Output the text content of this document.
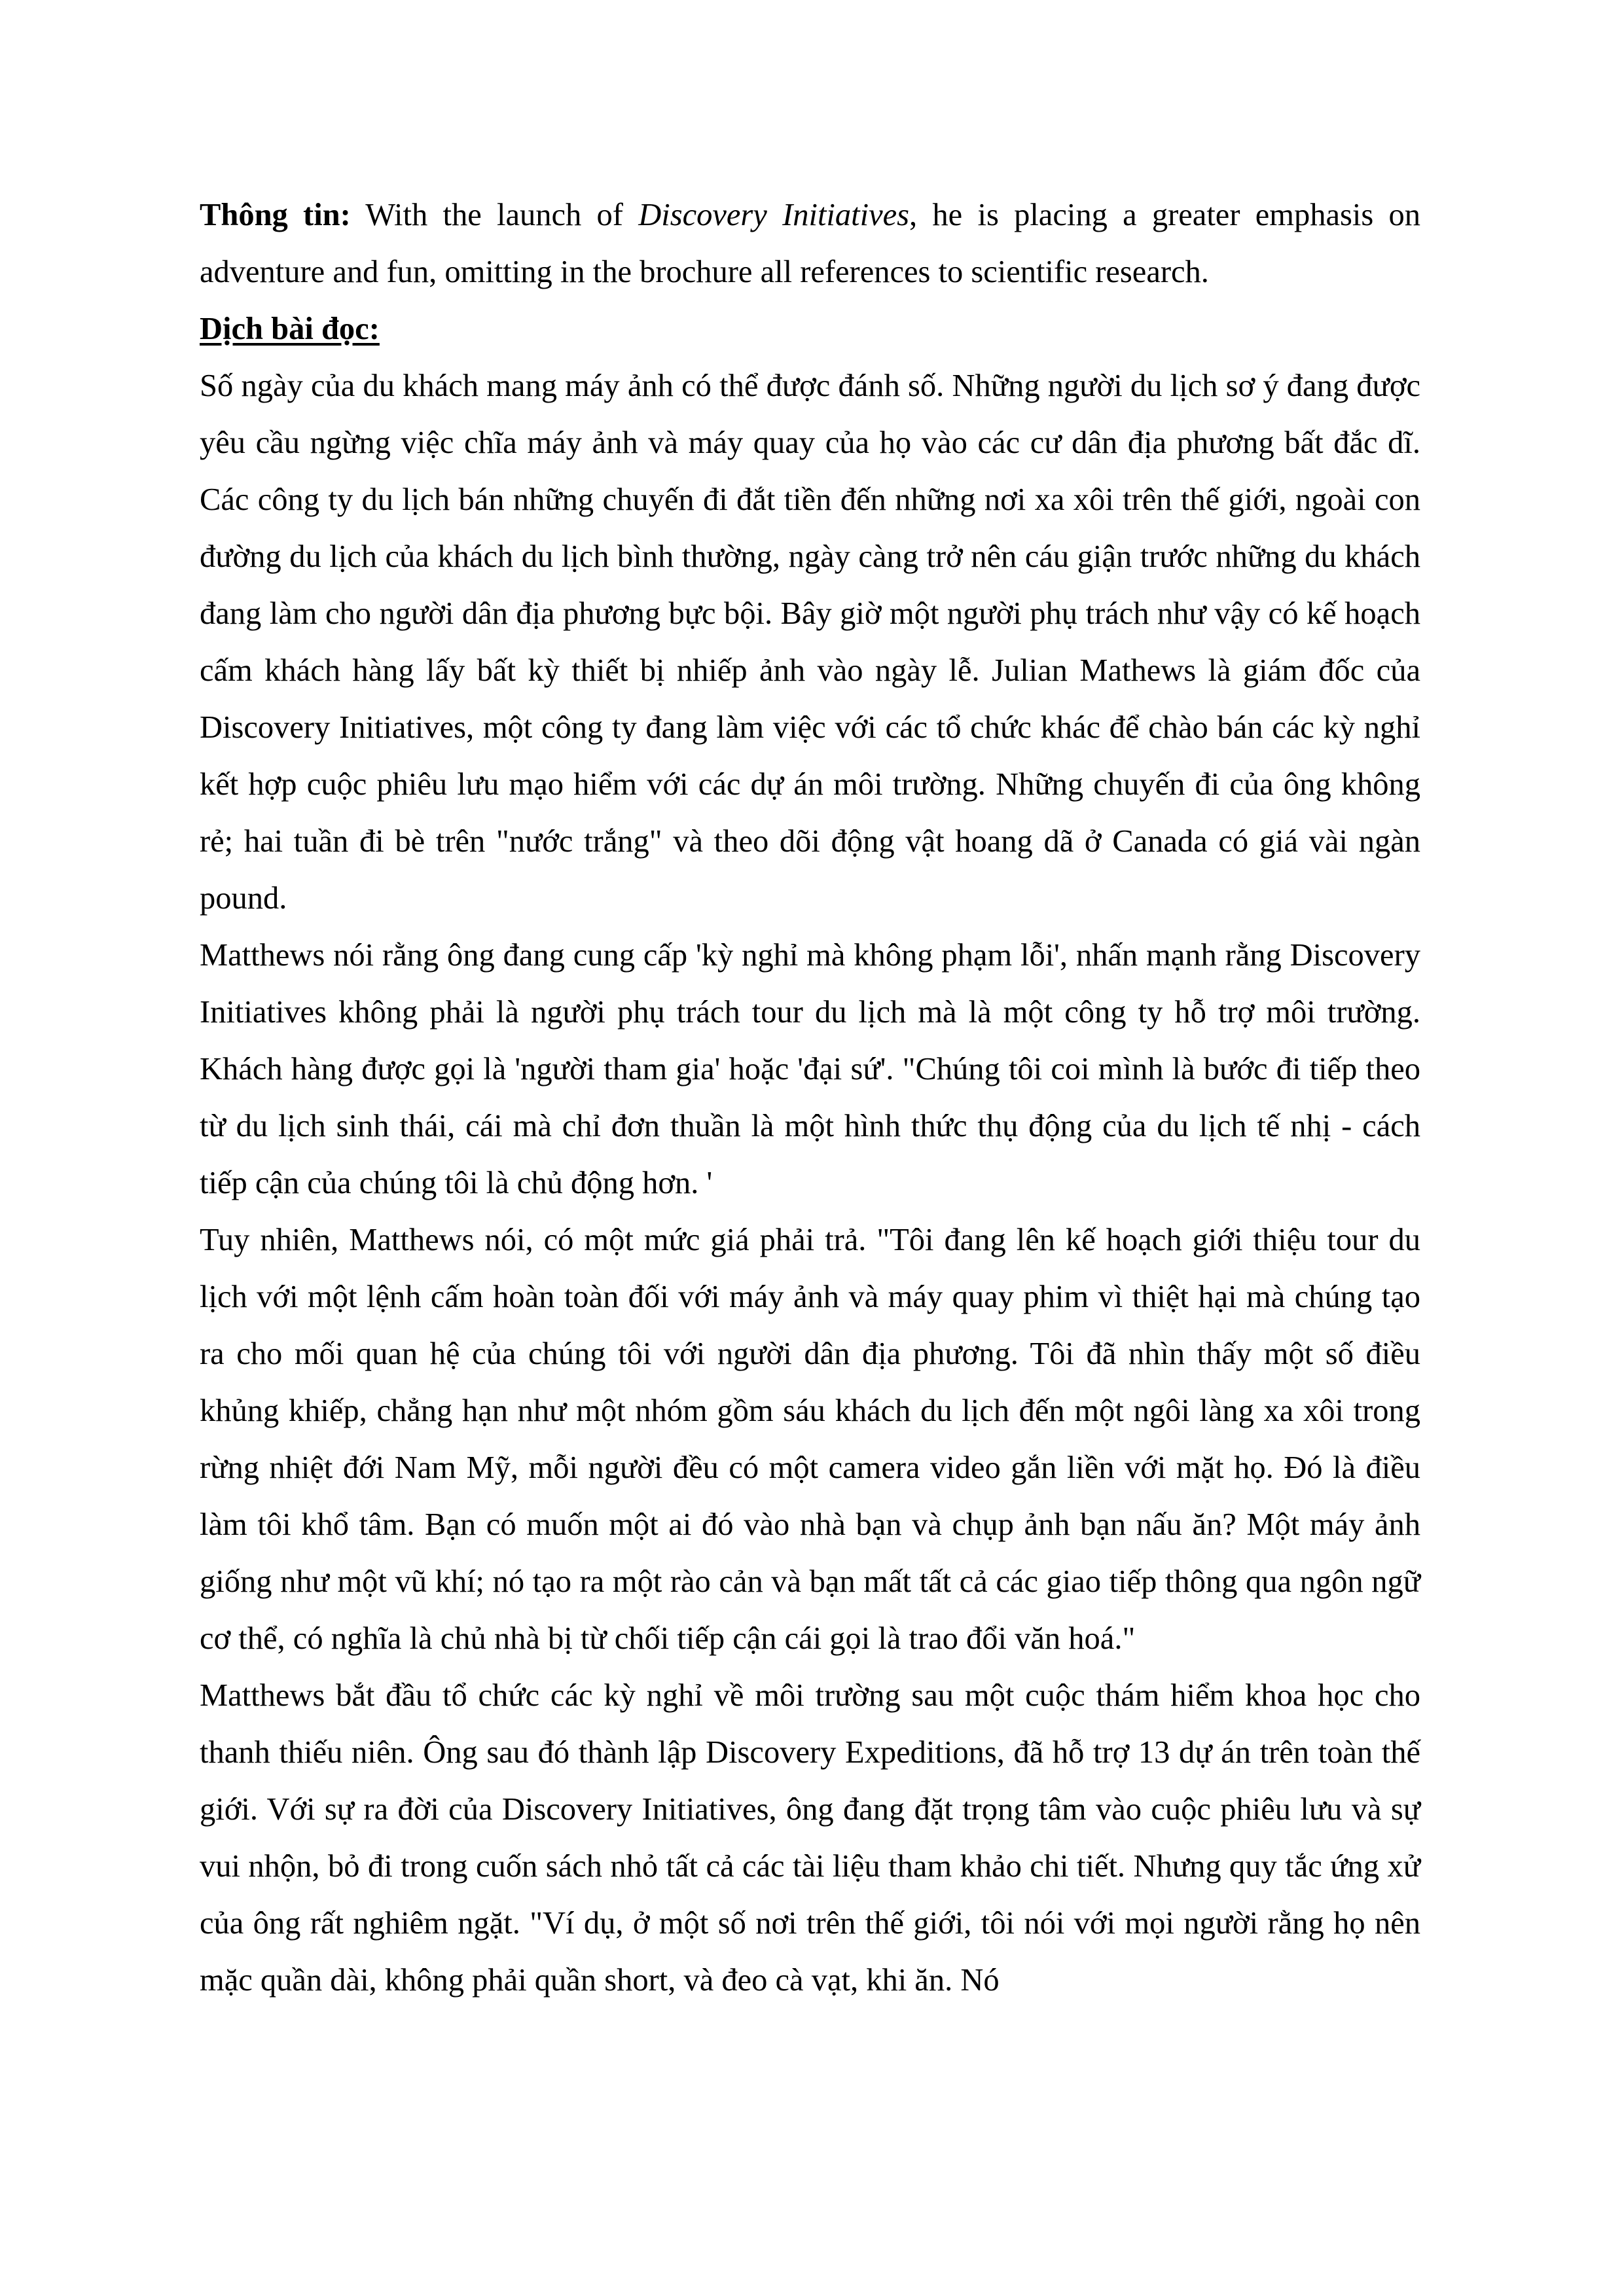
Thông tin: With the launch of Discovery Initiatives, he is placing a greater emphasis on adventure and fun, omitting in the brochure all references to scientific research.

Dịch bài đọc:

Số ngày của du khách mang máy ảnh có thể được đánh số. Những người du lịch sơ ý đang được yêu cầu ngừng việc chĩa máy ảnh và máy quay của họ vào các cư dân địa phương bất đắc dĩ. Các công ty du lịch bán những chuyến đi đắt tiền đến những nơi xa xôi trên thế giới, ngoài con đường du lịch của khách du lịch bình thường, ngày càng trở nên cáu giận trước những du khách đang làm cho người dân địa phương bực bội. Bây giờ một người phụ trách như vậy có kế hoạch cấm khách hàng lấy bất kỳ thiết bị nhiếp ảnh vào ngày lễ. Julian Mathews là giám đốc của Discovery Initiatives, một công ty đang làm việc với các tổ chức khác để chào bán các kỳ nghỉ kết hợp cuộc phiêu lưu mạo hiểm với các dự án môi trường. Những chuyến đi của ông không rẻ; hai tuần đi bè trên "nước trắng" và theo dõi động vật hoang dã ở Canada có giá vài ngàn pound.

Matthews nói rằng ông đang cung cấp 'kỳ nghỉ mà không phạm lỗi', nhấn mạnh rằng Discovery Initiatives không phải là người phụ trách tour du lịch mà là một công ty hỗ trợ môi trường. Khách hàng được gọi là 'người tham gia' hoặc 'đại sứ'. "Chúng tôi coi mình là bước đi tiếp theo từ du lịch sinh thái, cái mà chỉ đơn thuần là một hình thức thụ động của du lịch tế nhị - cách tiếp cận của chúng tôi là chủ động hơn. '

Tuy nhiên, Matthews nói, có một mức giá phải trả. "Tôi đang lên kế hoạch giới thiệu tour du lịch với một lệnh cấm hoàn toàn đối với máy ảnh và máy quay phim vì thiệt hại mà chúng tạo ra cho mối quan hệ của chúng tôi với người dân địa phương. Tôi đã nhìn thấy một số điều khủng khiếp, chẳng hạn như một nhóm gồm sáu khách du lịch đến một ngôi làng xa xôi trong rừng nhiệt đới Nam Mỹ, mỗi người đều có một camera video gắn liền với mặt họ. Đó là điều làm tôi khổ tâm. Bạn có muốn một ai đó vào nhà bạn và chụp ảnh bạn nấu ăn? Một máy ảnh giống như một vũ khí; nó tạo ra một rào cản và bạn mất tất cả các giao tiếp thông qua ngôn ngữ cơ thể, có nghĩa là chủ nhà bị từ chối tiếp cận cái gọi là trao đổi văn hoá."

Matthews bắt đầu tổ chức các kỳ nghỉ về môi trường sau một cuộc thám hiểm khoa học cho thanh thiếu niên. Ông sau đó thành lập Discovery Expeditions, đã hỗ trợ 13 dự án trên toàn thế giới. Với sự ra đời của Discovery Initiatives, ông đang đặt trọng tâm vào cuộc phiêu lưu và sự vui nhộn, bỏ đi trong cuốn sách nhỏ tất cả các tài liệu tham khảo chi tiết. Nhưng quy tắc ứng xử của ông rất nghiêm ngặt. "Ví dụ, ở một số nơi trên thế giới, tôi nói với mọi người rằng họ nên mặc quần dài, không phải quần short, và đeo cà vạt, khi ăn. Nó
